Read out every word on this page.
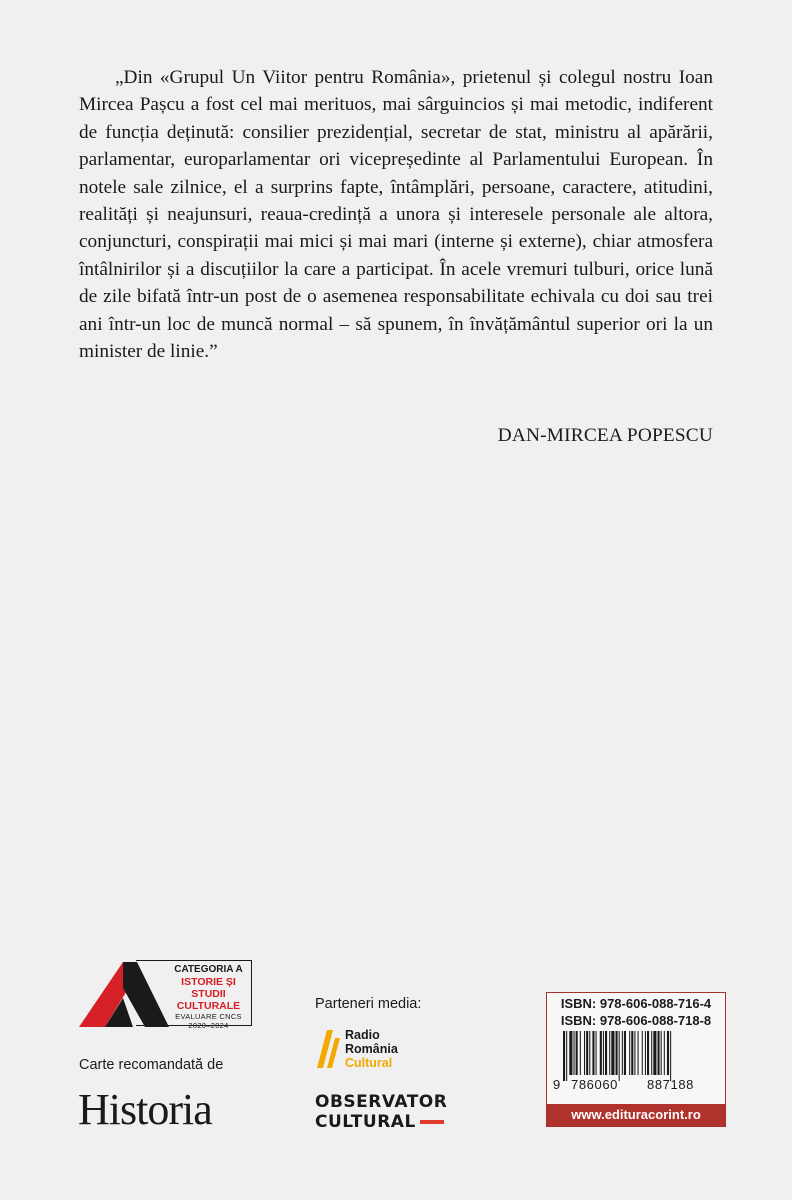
„Din «Grupul Un Viitor pentru România», prietenul și colegul nostru Ioan Mircea Pașcu a fost cel mai merituos, mai sârguincios și mai metodic, indiferent de funcția deținută: consilier prezidențial, secretar de stat, ministru al apărării, parlamentar, europarlamentar ori vicepreședinte al Parlamentului European. În notele sale zilnice, el a surprins fapte, întâmplări, persoane, caractere, atitudini, realități și neajunsuri, reaua-credință a unora și interesele personale ale altora, conjuncturi, conspirații mai mici și mai mari (interne și externe), chiar atmosfera întâlnirilor și a discuțiilor la care a participat. În acele vremuri tulburi, orice lună de zile bifată într-un post de o asemenea responsabilitate echivala cu doi sau trei ani într-un loc de muncă normal – să spunem, în învățământul superior ori la un minister de linie.”

DAN-MIRCEA POPESCU
CATEGORIA A
ISTORIE ȘI STUDII
CULTURALE
EVALUARE CNCS
2020–2024
Carte recomandată de
Historia
Parteneri media:
Radio
România
Cultural
OBSERVATOR
CULTURAL
ISBN: 978-606-088-716-4
ISBN: 978-606-088-718-8
9 786060 887188
www.edituracorint.ro
